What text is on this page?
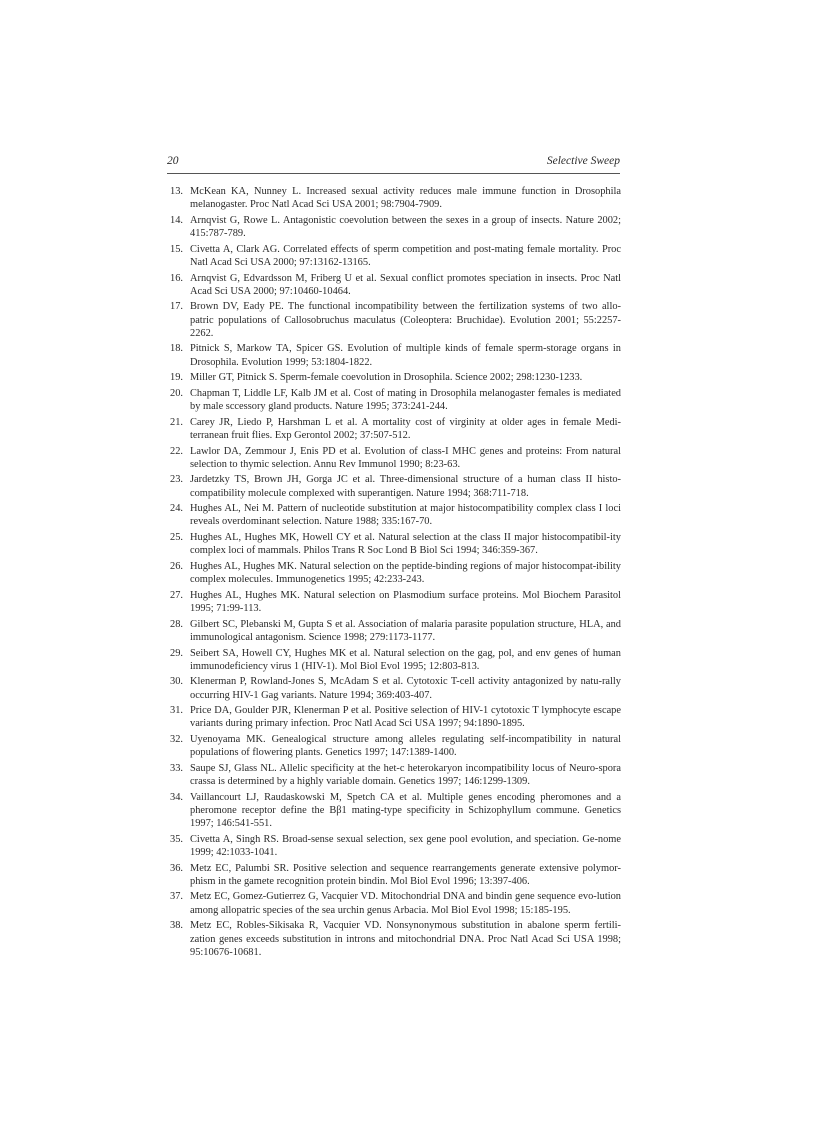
20	Selective Sweep
13. McKean KA, Nunney L. Increased sexual activity reduces male immune function in Drosophila melanogaster. Proc Natl Acad Sci USA 2001; 98:7904-7909.
14. Arnqvist G, Rowe L. Antagonistic coevolution between the sexes in a group of insects. Nature 2002; 415:787-789.
15. Civetta A, Clark AG. Correlated effects of sperm competition and post-mating female mortality. Proc Natl Acad Sci USA 2000; 97:13162-13165.
16. Arnqvist G, Edvardsson M, Friberg U et al. Sexual conflict promotes speciation in insects. Proc Natl Acad Sci USA 2000; 97:10460-10464.
17. Brown DV, Eady PE. The functional incompatibility between the fertilization systems of two allo-patric populations of Callosobruchus maculatus (Coleoptera: Bruchidae). Evolution 2001; 55:2257-2262.
18. Pitnick S, Markow TA, Spicer GS. Evolution of multiple kinds of female sperm-storage organs in Drosophila. Evolution 1999; 53:1804-1822.
19. Miller GT, Pitnick S. Sperm-female coevolution in Drosophila. Science 2002; 298:1230-1233.
20. Chapman T, Liddle LF, Kalb JM et al. Cost of mating in Drosophila melanogaster females is mediated by male sccessory gland products. Nature 1995; 373:241-244.
21. Carey JR, Liedo P, Harshman L et al. A mortality cost of virginity at older ages in female Medi-terranean fruit flies. Exp Gerontol 2002; 37:507-512.
22. Lawlor DA, Zemmour J, Enis PD et al. Evolution of class-I MHC genes and proteins: From natural selection to thymic selection. Annu Rev Immunol 1990; 8:23-63.
23. Jardetzky TS, Brown JH, Gorga JC et al. Three-dimensional structure of a human class II histo-compatibility molecule complexed with superantigen. Nature 1994; 368:711-718.
24. Hughes AL, Nei M. Pattern of nucleotide substitution at major histocompatibility complex class I loci reveals overdominant selection. Nature 1988; 335:167-70.
25. Hughes AL, Hughes MK, Howell CY et al. Natural selection at the class II major histocompatibil-ity complex loci of mammals. Philos Trans R Soc Lond B Biol Sci 1994; 346:359-367.
26. Hughes AL, Hughes MK. Natural selection on the peptide-binding regions of major histocompat-ibility complex molecules. Immunogenetics 1995; 42:233-243.
27. Hughes AL, Hughes MK. Natural selection on Plasmodium surface proteins. Mol Biochem Parasitol 1995; 71:99-113.
28. Gilbert SC, Plebanski M, Gupta S et al. Association of malaria parasite population structure, HLA, and immunological antagonism. Science 1998; 279:1173-1177.
29. Seibert SA, Howell CY, Hughes MK et al. Natural selection on the gag, pol, and env genes of human immunodeficiency virus 1 (HIV-1). Mol Biol Evol 1995; 12:803-813.
30. Klenerman P, Rowland-Jones S, McAdam S et al. Cytotoxic T-cell activity antagonized by natu-rally occurring HIV-1 Gag variants. Nature 1994; 369:403-407.
31. Price DA, Goulder PJR, Klenerman P et al. Positive selection of HIV-1 cytotoxic T lymphocyte escape variants during primary infection. Proc Natl Acad Sci USA 1997; 94:1890-1895.
32. Uyenoyama MK. Genealogical structure among alleles regulating self-incompatibility in natural populations of flowering plants. Genetics 1997; 147:1389-1400.
33. Saupe SJ, Glass NL. Allelic specificity at the het-c heterokaryon incompatibility locus of Neuro-spora crassa is determined by a highly variable domain. Genetics 1997; 146:1299-1309.
34. Vaillancourt LJ, Raudaskowski M, Spetch CA et al. Multiple genes encoding pheromones and a pheromone receptor define the Bβ1 mating-type specificity in Schizophyllum commune. Genetics 1997; 146:541-551.
35. Civetta A, Singh RS. Broad-sense sexual selection, sex gene pool evolution, and speciation. Ge-nome 1999; 42:1033-1041.
36. Metz EC, Palumbi SR. Positive selection and sequence rearrangements generate extensive polymor-phism in the gamete recognition protein bindin. Mol Biol Evol 1996; 13:397-406.
37. Metz EC, Gomez-Gutierrez G, Vacquier VD. Mitochondrial DNA and bindin gene sequence evo-lution among allopatric species of the sea urchin genus Arbacia. Mol Biol Evol 1998; 15:185-195.
38. Metz EC, Robles-Sikisaka R, Vacquier VD. Nonsynonymous substitution in abalone sperm fertili-zation genes exceeds substitution in introns and mitochondrial DNA. Proc Natl Acad Sci USA 1998; 95:10676-10681.
